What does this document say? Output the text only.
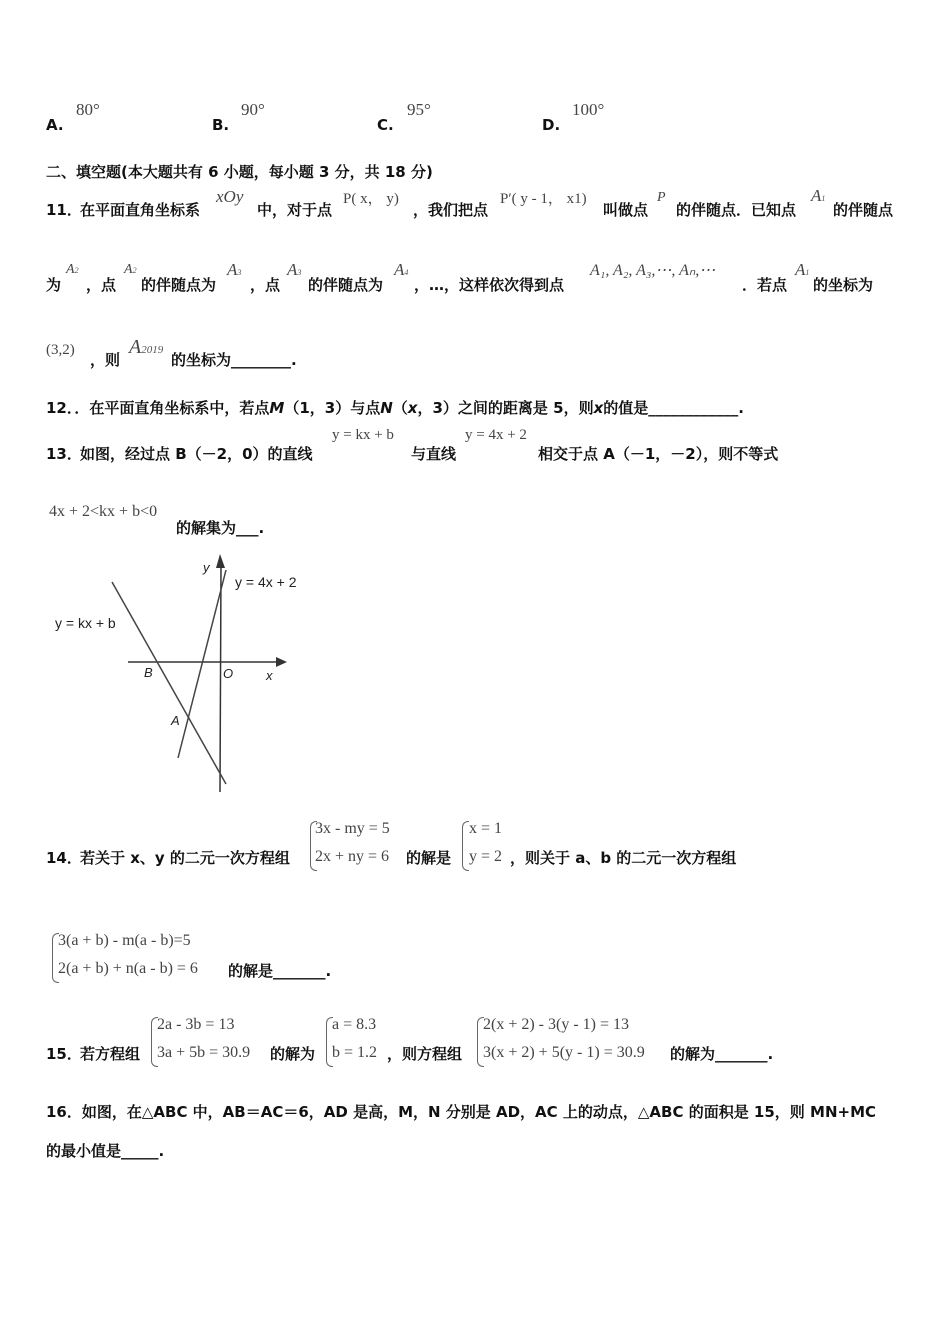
A.
80°
B.
90°
C.
95°
D.
100°
二、填空题(本大题共有 6 小题，每小题 3 分，共 18 分)
11．
在平面直角坐标系
xOy
中，对于点
P( x， y)
，我们把点
P′( y - 1， x1)
叫做点
P
的伴随点．已知点
A1
的伴随点
为
A2
，点
A2
的伴随点为
A3
，点
A3
的伴随点为
A4
，…，这样依次得到点
A₁, A₂, A₃,⋯, Aₙ,⋯
．若点
A1
的坐标为
(3,2)
，则
A2019
的坐标为________.
12．．在平面直角坐标系中，若点M（1，3）与点N（x，3）之间的距离是 5，则x的值是____________.
13．
如图，经过点 B（－2，0）的直线
y = kx + b
与直线
y = 4x + 2
相交于点 A（－1，－2），则不等式
4x + 2<kx + b<0
的解集为___.
y
x
O
B
A
y = kx + b
y = 4x + 2
14．
若关于 x、y 的二元一次方程组
3x - my = 5
2x + ny = 6 的解是
x = 1
y = 2 ，则关于 a、b 的二元一次方程组
3(a + b) - m(a - b)=5
2(a + b) + n(a - b) = 6 的解是_______.
15．
若方程组
2a - 3b = 13
3a + 5b = 30.9 的解为
a = 8.3
b = 1.2 ，则方程组
2(x + 2) - 3(y - 1) = 13
3(x + 2) + 5(y - 1) = 30.9 的解为_______.
16．如图，在△ABC 中，AB＝AC＝6，AD 是高，M，N 分别是 AD，AC 上的动点，△ABC 的面积是 15，则 MN+MC
的最小值是_____.
